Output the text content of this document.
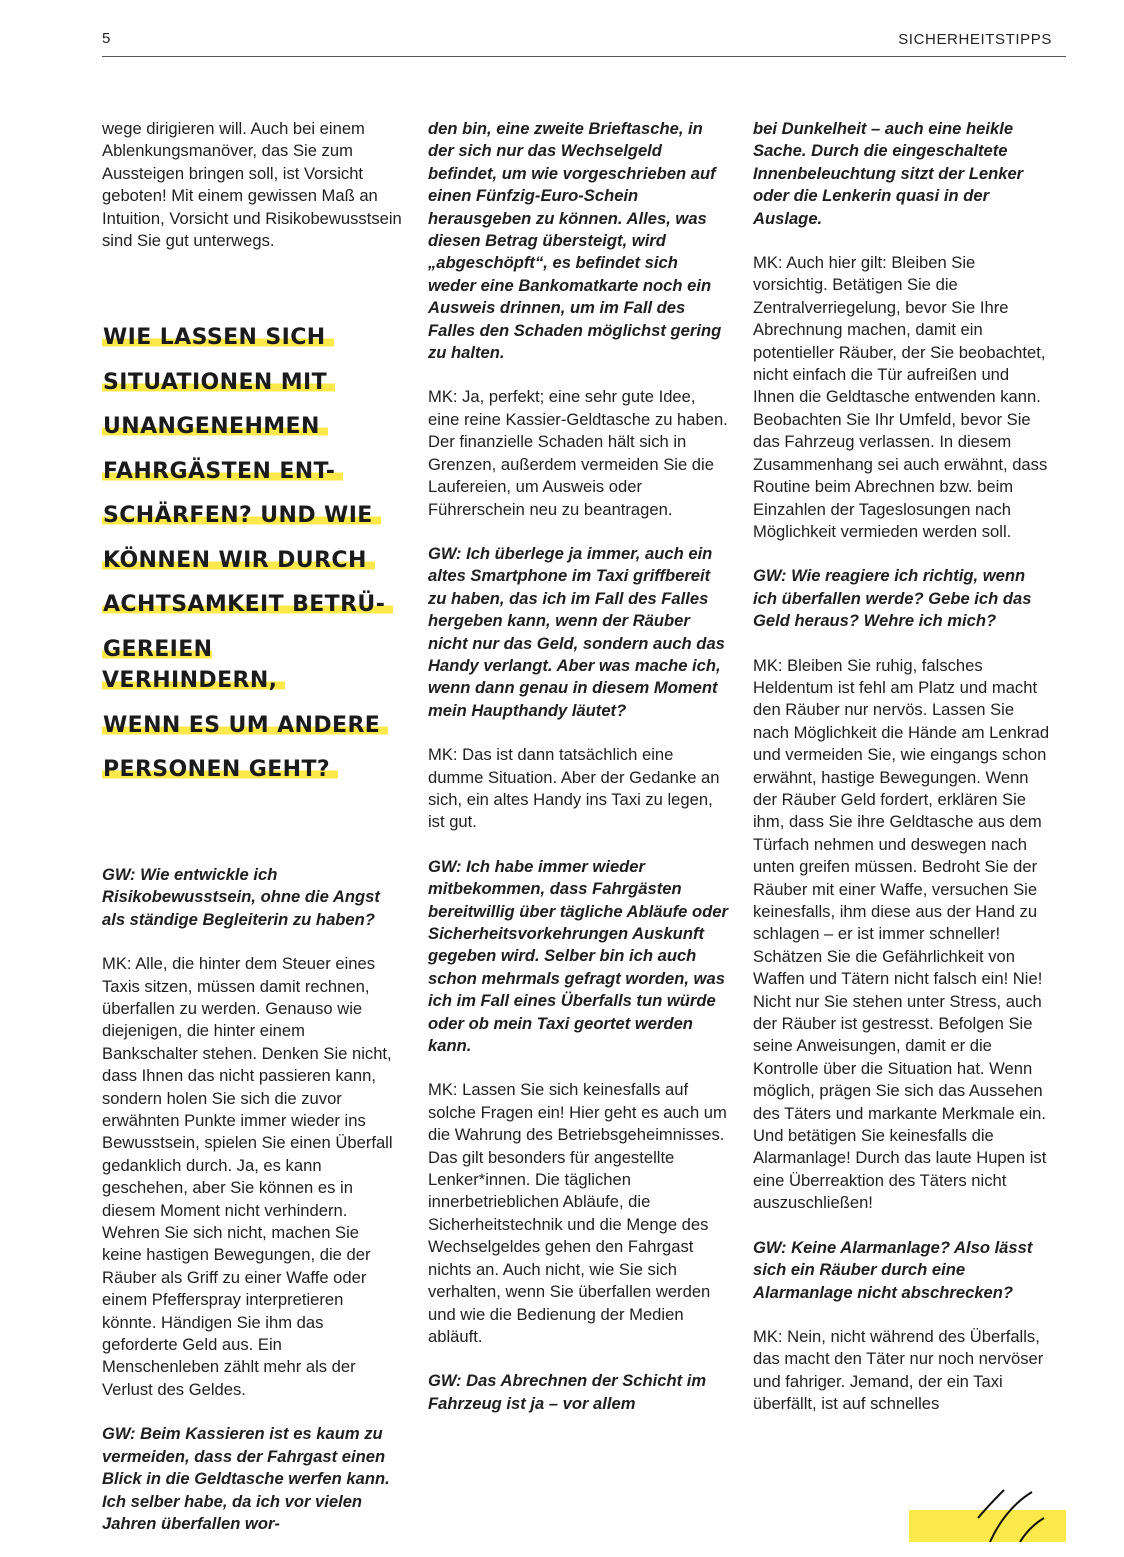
5	SICHERHEITSTIPPS

wege dirigieren will. Auch bei einem Ablenkungsmanöver, das Sie zum Aussteigen bringen soll, ist Vorsicht geboten! Mit einem gewissen Maß an Intuition, Vorsicht und Risikobewusstsein sind Sie gut unterwegs.

WIE LASSEN SICH
SITUATIONEN MIT
UNANGENEHMEN
FAHRGÄSTEN ENT-
SCHÄRFEN? UND WIE
KÖNNEN WIR DURCH
ACHTSAMKEIT BETRÜ-
GEREIEN VERHINDERN,
WENN ES UM ANDERE
PERSONEN GEHT?

GW: Wie entwickle ich Risikobewusstsein, ohne die Angst als ständige Begleiterin zu haben?

MK: Alle, die hinter dem Steuer eines Taxis sitzen, müssen damit rechnen, überfallen zu werden. Genauso wie diejenigen, die hinter einem Bankschalter stehen. Denken Sie nicht, dass Ihnen das nicht passieren kann, sondern holen Sie sich die zuvor erwähnten Punkte immer wieder ins Bewusstsein, spielen Sie einen Überfall gedanklich durch. Ja, es kann geschehen, aber Sie können es in diesem Moment nicht verhindern. Wehren Sie sich nicht, machen Sie keine hastigen Bewegungen, die der Räuber als Griff zu einer Waffe oder einem Pfefferspray interpretieren könnte. Händigen Sie ihm das geforderte Geld aus. Ein Menschenleben zählt mehr als der Verlust des Geldes.

GW: Beim Kassieren ist es kaum zu vermeiden, dass der Fahrgast einen Blick in die Geldtasche werfen kann. Ich selber habe, da ich vor vielen Jahren überfallen wor-

den bin, eine zweite Brieftasche, in der sich nur das Wechselgeld befindet, um wie vorgeschrieben auf einen Fünfzig-Euro-Schein herausgeben zu können. Alles, was diesen Betrag übersteigt, wird „abgeschöpft“, es befindet sich weder eine Bankomatkarte noch ein Ausweis drinnen, um im Fall des Falles den Schaden möglichst gering zu halten.

MK: Ja, perfekt; eine sehr gute Idee, eine reine Kassier-Geldtasche zu haben. Der finanzielle Schaden hält sich in Grenzen, außerdem vermeiden Sie die Laufereien, um Ausweis oder Führerschein neu zu beantragen.

GW: Ich überlege ja immer, auch ein altes Smartphone im Taxi griffbereit zu haben, das ich im Fall des Falles hergeben kann, wenn der Räuber nicht nur das Geld, sondern auch das Handy verlangt. Aber was mache ich, wenn dann genau in diesem Moment mein Haupthandy läutet?

MK: Das ist dann tatsächlich eine dumme Situation. Aber der Gedanke an sich, ein altes Handy ins Taxi zu legen, ist gut.

GW: Ich habe immer wieder mitbekommen, dass Fahrgästen bereitwillig über tägliche Abläufe oder Sicherheitsvorkehrungen Auskunft gegeben wird. Selber bin ich auch schon mehrmals gefragt worden, was ich im Fall eines Überfalls tun würde oder ob mein Taxi geortet werden kann.

MK: Lassen Sie sich keinesfalls auf solche Fragen ein! Hier geht es auch um die Wahrung des Betriebsgeheimnisses. Das gilt besonders für angestellte Lenker*innen. Die täglichen innerbetrieblichen Abläufe, die Sicherheitstechnik und die Menge des Wechselgeldes gehen den Fahrgast nichts an. Auch nicht, wie Sie sich verhalten, wenn Sie überfallen werden und wie die Bedienung der Medien abläuft.

GW: Das Abrechnen der Schicht im Fahrzeug ist ja – vor allem

bei Dunkelheit – auch eine heikle Sache. Durch die eingeschaltete Innenbeleuchtung sitzt der Lenker oder die Lenkerin quasi in der Auslage.

MK: Auch hier gilt: Bleiben Sie vorsichtig. Betätigen Sie die Zentralverriegelung, bevor Sie Ihre Abrechnung machen, damit ein potentieller Räuber, der Sie beobachtet, nicht einfach die Tür aufreißen und Ihnen die Geldtasche entwenden kann. Beobachten Sie Ihr Umfeld, bevor Sie das Fahrzeug verlassen. In diesem Zusammenhang sei auch erwähnt, dass Routine beim Abrechnen bzw. beim Einzahlen der Tageslosungen nach Möglichkeit vermieden werden soll.

GW: Wie reagiere ich richtig, wenn ich überfallen werde? Gebe ich das Geld heraus? Wehre ich mich?

MK: Bleiben Sie ruhig, falsches Heldentum ist fehl am Platz und macht den Räuber nur nervös. Lassen Sie nach Möglichkeit die Hände am Lenkrad und vermeiden Sie, wie eingangs schon erwähnt, hastige Bewegungen. Wenn der Räuber Geld fordert, erklären Sie ihm, dass Sie ihre Geldtasche aus dem Türfach nehmen und deswegen nach unten greifen müssen. Bedroht Sie der Räuber mit einer Waffe, versuchen Sie keinesfalls, ihm diese aus der Hand zu schlagen – er ist immer schneller! Schätzen Sie die Gefährlichkeit von Waffen und Tätern nicht falsch ein! Nie! Nicht nur Sie stehen unter Stress, auch der Räuber ist gestresst. Befolgen Sie seine Anweisungen, damit er die Kontrolle über die Situation hat. Wenn möglich, prägen Sie sich das Aussehen des Täters und markante Merkmale ein. Und betätigen Sie keinesfalls die Alarmanlage! Durch das laute Hupen ist eine Überreaktion des Täters nicht auszuschließen!

GW: Keine Alarmanlage? Also lässt sich ein Räuber durch eine Alarmanlage nicht abschrecken?

MK: Nein, nicht während des Überfalls, das macht den Täter nur noch nervöser und fahriger. Jemand, der ein Taxi überfällt, ist auf schnelles
